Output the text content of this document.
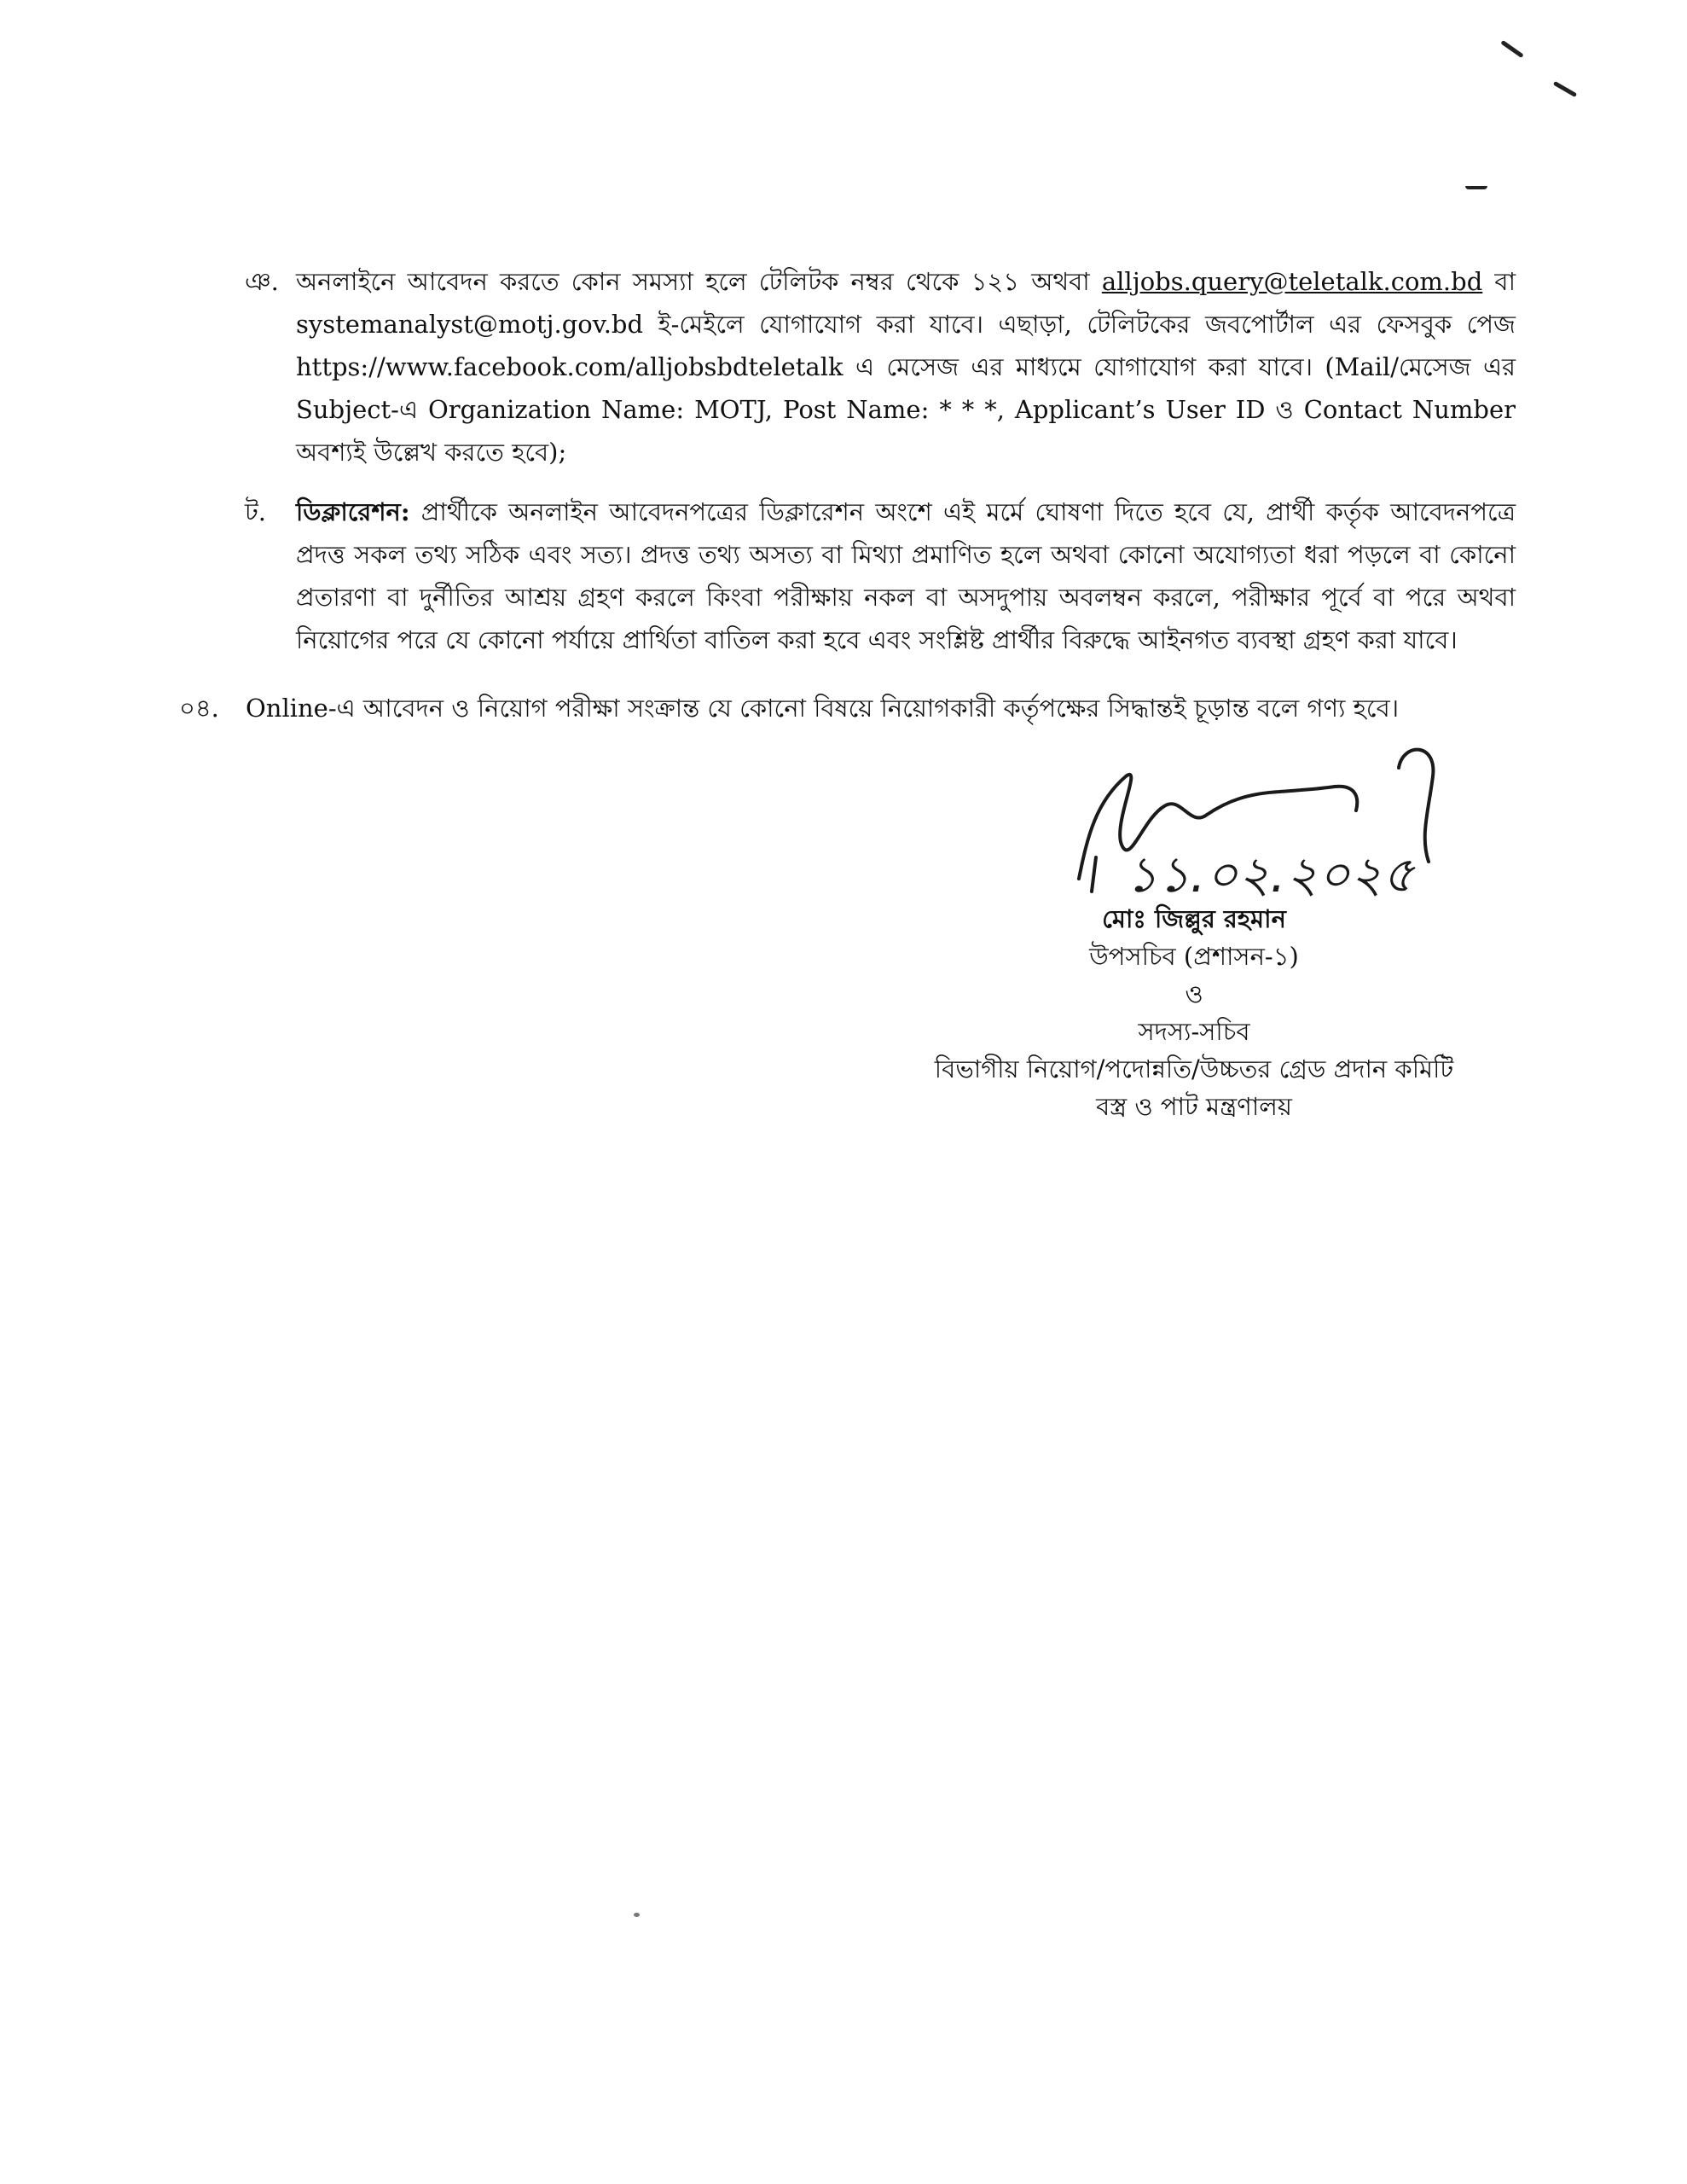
ঞ. অনলাইনে আবেদন করতে কোন সমস্যা হলে টেলিটক নম্বর থেকে ১২১ অথবা alljobs.query@teletalk.com.bd বা systemanalyst@motj.gov.bd ই-মেইলে যোগাযোগ করা যাবে। এছাড়া, টেলিটকের জবপোর্টাল এর ফেসবুক পেজ https://www.facebook.com/alljobsbdteletalk এ মেসেজ এর মাধ্যমে যোগাযোগ করা যাবে। (Mail/মেসেজ এর Subject-এ Organization Name: MOTJ, Post Name: * * *, Applicant’s User ID ও Contact Number অবশ্যই উল্লেখ করতে হবে);

ট. ডিক্লারেশন: প্রার্থীকে অনলাইন আবেদনপত্রের ডিক্লারেশন অংশে এই মর্মে ঘোষণা দিতে হবে যে, প্রার্থী কর্তৃক আবেদনপত্রে প্রদত্ত সকল তথ্য সঠিক এবং সত্য। প্রদত্ত তথ্য অসত্য বা মিথ্যা প্রমাণিত হলে অথবা কোনো অযোগ্যতা ধরা পড়লে বা কোনো প্রতারণা বা দুর্নীতির আশ্রয় গ্রহণ করলে কিংবা পরীক্ষায় নকল বা অসদুপায় অবলম্বন করলে, পরীক্ষার পূর্বে বা পরে অথবা নিয়োগের পরে যে কোনো পর্যায়ে প্রার্থিতা বাতিল করা হবে এবং সংশ্লিষ্ট প্রার্থীর বিরুদ্ধে আইনগত ব্যবস্থা গ্রহণ করা যাবে।

০৪. Online-এ আবেদন ও নিয়োগ পরীক্ষা সংক্রান্ত যে কোনো বিষয়ে নিয়োগকারী কর্তৃপক্ষের সিদ্ধান্তই চূড়ান্ত বলে গণ্য হবে।
১১.০২.২০২৫
মোঃ জিল্লুর রহমান
উপসচিব (প্রশাসন-১)
ও
সদস্য-সচিব
বিভাগীয় নিয়োগ/পদোন্নতি/উচ্চতর গ্রেড প্রদান কমিটি
বস্ত্র ও পাট মন্ত্রণালয়
